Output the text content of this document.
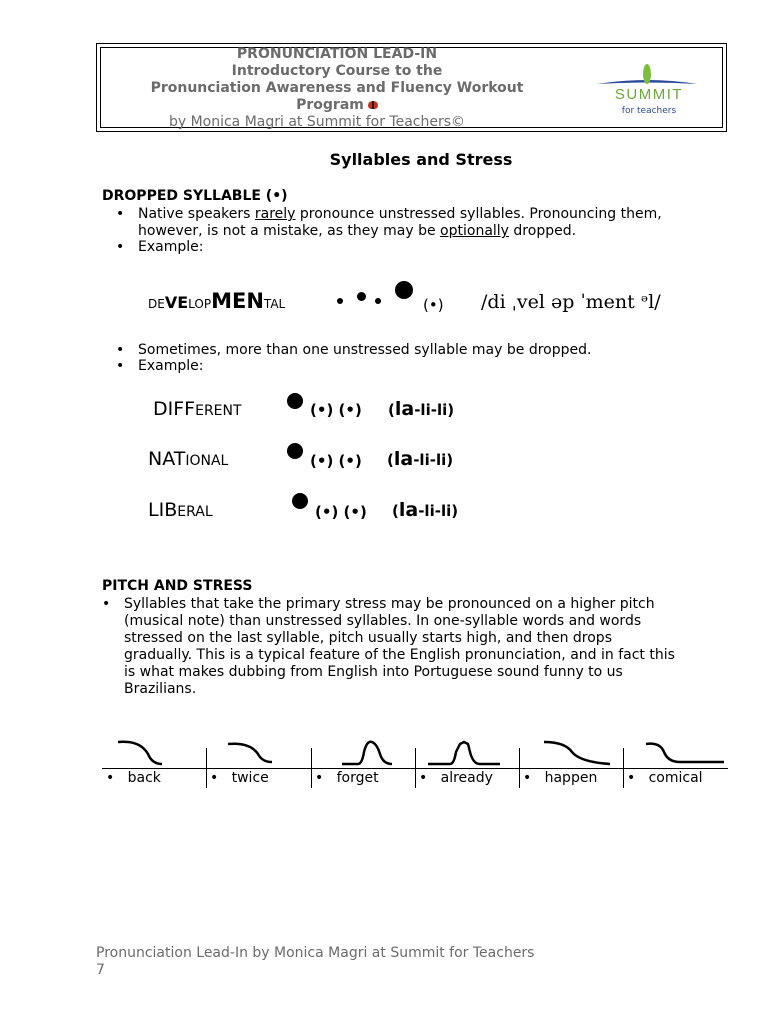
PRONUNCIATION LEAD-IN
Introductory Course to the
Pronunciation Awareness and Fluency Workout
Program
by Monica Magri at Summit for Teachers©
SUMMIT
for teachers
Syllables and Stress
DROPPED SYLLABLE (•)
• Native speakers rarely pronounce unstressed syllables. Pronouncing them,
however, is not a mistake, as they may be optionally dropped.
• Example:
DEVELOPMENTAL	(•) /di ˌvel əp ˈment ᵊl/
• Sometimes, more than one unstressed syllable may be dropped.
• Example:
DIFFERENT	(•) (•) (la-li-li)
NATIONAL	(•) (•) (la-li-li)
LIBERAL	(•) (•) (la-li-li)
PITCH AND STRESS
• Syllables that take the primary stress may be pronounced on a higher pitch
(musical note) than unstressed syllables. In one-syllable words and words
stressed on the last syllable, pitch usually starts high, and then drops
gradually. This is a typical feature of the English pronunciation, and in fact this
is what makes dubbing from English into Portuguese sound funny to us
Brazilians.
•   back	•   twice	•   forget	•   already •   happen •   comical
Pronunciation Lead-In by Monica Magri at Summit for Teachers
7
